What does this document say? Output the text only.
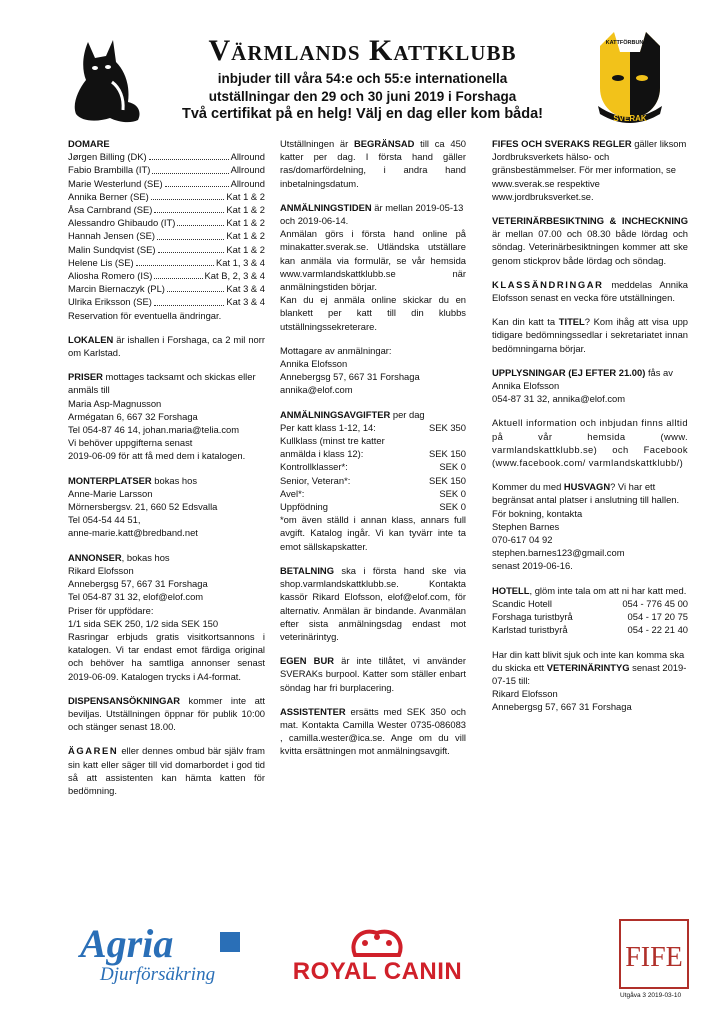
Värmlands Kattklubb
inbjuder till våra 54:e och 55:e internationella
utställningar den 29 och 30 juni 2019 i Forshaga
Två certifikat på en helg! Välj en dag eller kom båda!	SVERAK
KATTFÖRBUNDET
DOMARE
Jørgen Billing (DK)	Allround
Fabio Brambilla (IT)	Allround
Marie Westerlund (SE)	Allround
Annika Berner (SE)	Kat 1 & 2
Åsa Carnbrand (SE)	Kat 1 & 2
Alessandro Ghibaudo (IT)	Kat 1 & 2
Hannah Jensen (SE)	Kat 1 & 2
Malin Sundqvist (SE)	Kat 1 & 2
Helene Lis (SE)	Kat 1, 3 & 4
Aliosha Romero (IS)	Kat B, 2, 3 & 4
Marcin Biernaczyk (PL)	Kat 3 & 4
Ulrika Eriksson (SE)	Kat 3 & 4
Reservation för eventuella ändringar.
LOKALEN är ishallen i Forshaga, ca 2 mil norr om Karlstad.
PRISER mottages tacksamt och skickas eller anmäls till
Maria Asp-Magnusson
Armégatan 6, 667 32 Forshaga
Tel 054-87 46 14, johan.maria@telia.com
Vi behöver uppgifterna senast
2019-06-09 för att få med dem i katalogen.
MONTERPLATSER bokas hos
Anne-Marie Larsson
Mörnersbergsv. 21, 660 52 Edsvalla
Tel 054-54 44 51,
anne-marie.katt@bredband.net
ANNONSER, bokas hos
Rikard Elofsson
Annebergsg 57, 667 31 Forshaga
Tel 054-87 31 32, elof@elof.com
Priser för uppfödare:
1/1 sida SEK 250, 1/2 sida SEK 150
Rasringar erbjuds gratis visitkortsannons i katalogen. Vi tar endast emot färdiga original och behöver ha samtliga annonser senast 2019-06-09. Katalogen trycks i A4-format.
DISPENSANSÖKNINGAR kommer inte att beviljas. Utställningen öppnar för publik 10:00 och stänger senast 18.00.
ÄGAREN eller dennes ombud bär själv fram sin katt eller säger till vid domarbordet i god tid så att assistenten kan hämta katten för bedömning.
Utställningen är BEGRÄNSAD till ca 450 katter per dag. I första hand gäller ras/domarfördelning, i andra hand inbetalningsdatum.
ANMÄLNINGSTIDEN är mellan 2019-05-13 och 2019-06-14.
Anmälan görs i första hand online på minakatter.sverak.se. Utländska utställare kan anmäla via formulär, se vår hemsida www.varmlandskattklubb.se när anmälningstiden börjar.
Kan du ej anmäla online skickar du en blankett per katt till din klubbs utställningssekreterare.
Mottagare av anmälningar:
Annika Elofsson
Annebergsg 57, 667 31 Forshaga
annika@elof.com
ANMÄLNINGSAVGIFTER per dag
Per katt klass 1-12, 14:	SEK 350
Kullklass (minst tre katter anmälda i klass 12):	SEK 150
Kontrollklasser*:	SEK 0
Senior, Veteran*:	SEK 150
Avel*:	SEK 0
Uppfödning	SEK 0
*om även ställd i annan klass, annars full avgift. Katalog ingår. Vi kan tyvärr inte ta emot sällskapskatter.
BETALNING ska i första hand ske via shop.varmlandskattklubb.se. Kontakta kassör Rikard Elofsson, elof@elof.com, för alternativ. Anmälan är bindande. Avanmälan efter sista anmälningsdag endast mot veterinärintyg.
EGEN BUR är inte tillåtet, vi använder SVERAKs burpool. Katter som ställer enbart söndag har fri burplacering.
ASSISTENTER ersätts med SEK 350 och mat. Kontakta Camilla Wester 0735-086083 , camilla.wester@ica.se. Ange om du vill kvitta ersättningen mot anmälningsavgift.
FIFES OCH SVERAKS REGLER gäller liksom Jordbruksverkets hälso- och gränsbestämmelser. För mer information, se www.sverak.se respektive www.jordbruksverket.se.
VETERINÄRBESIKTNING & INCHECKNING är mellan 07.00 och 08.30 både lördag och söndag. Veterinärbesiktningen kommer att ske genom stickprov både lördag och söndag.
KLASSÄNDRINGAR meddelas Annika Elofsson senast en vecka före utställningen.
Kan din katt ta TITEL? Kom ihåg att visa upp tidigare bedömningssedlar i sekretariatet innan bedömningarna börjar.
UPPLYSNINGAR (EJ EFTER 21.00) fås av
Annika Elofsson
054-87 31 32, annika@elof.com
Aktuell information och inbjudan finns alltid på vår hemsida (www. varmlandskattklubb.se) och Facebook (www.facebook.com/ varmlandskattklubb/)
Kommer du med HUSVAGN? Vi har ett begränsat antal platser i anslutning till hallen. För bokning, kontakta
Stephen Barnes
070-617 04 92
stephen.barnes123@gmail.com
senast 2019-06-16.
HOTELL, glöm inte tala om att ni har katt med.
Scandic Hotell	054 - 776 45 00
Forshaga turistbyrå	054 - 17 20 75
Karlstad turistbyrå	054 - 22 21 40
Har din katt blivit sjuk och inte kan komma ska du skicka ett VETERINÄRINTYG senast 2019-07-15 till:
Rikard Elofsson
Annebergsg 57, 667 31 Forshaga
Agria
Djurförsäkring	ROYAL CANIN	FIFE
Utgåva 3 2019-03-10
